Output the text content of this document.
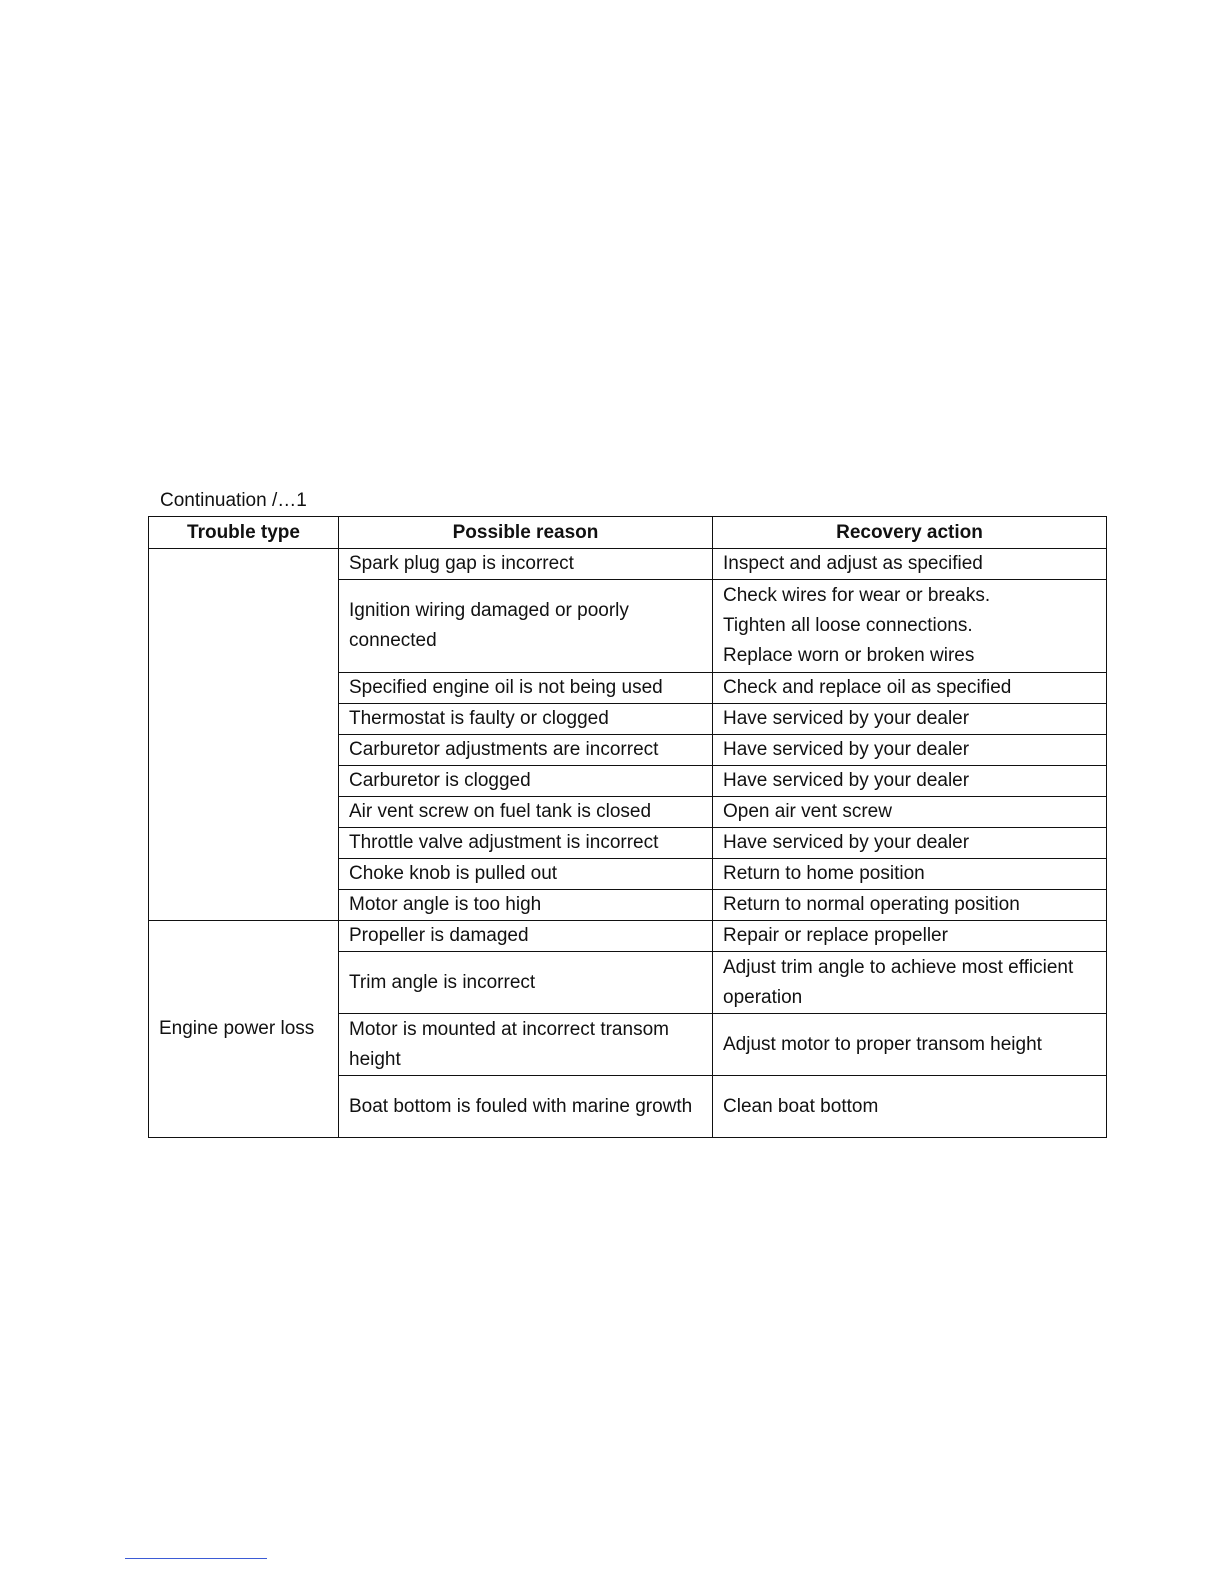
Continuation /…1
Trouble type	Possible reason	Recovery action
	Spark plug gap is incorrect	Inspect and adjust as specified
	Ignition wiring damaged or poorly connected	Check wires for wear or breaks.
Tighten all loose connections.
Replace worn or broken wires

	Specified engine oil is not being used	Check and replace oil as specified
	Thermostat is faulty or clogged	Have serviced by your dealer
	Carburetor adjustments are incorrect	Have serviced by your dealer
	Carburetor is clogged	Have serviced by your dealer
	Air vent screw on fuel tank is closed	Open air vent screw
	Throttle valve adjustment is incorrect	Have serviced by your dealer
	Choke knob is pulled out	Return to home position
	Motor angle is too high	Return to normal operating position
Engine power loss	Propeller is damaged	Repair or replace propeller
	Trim angle is incorrect	Adjust trim angle to achieve most efficient operation
	Motor is mounted at incorrect transom height	Adjust motor to proper transom height
	Boat bottom is fouled with marine growth	Clean boat bottom
